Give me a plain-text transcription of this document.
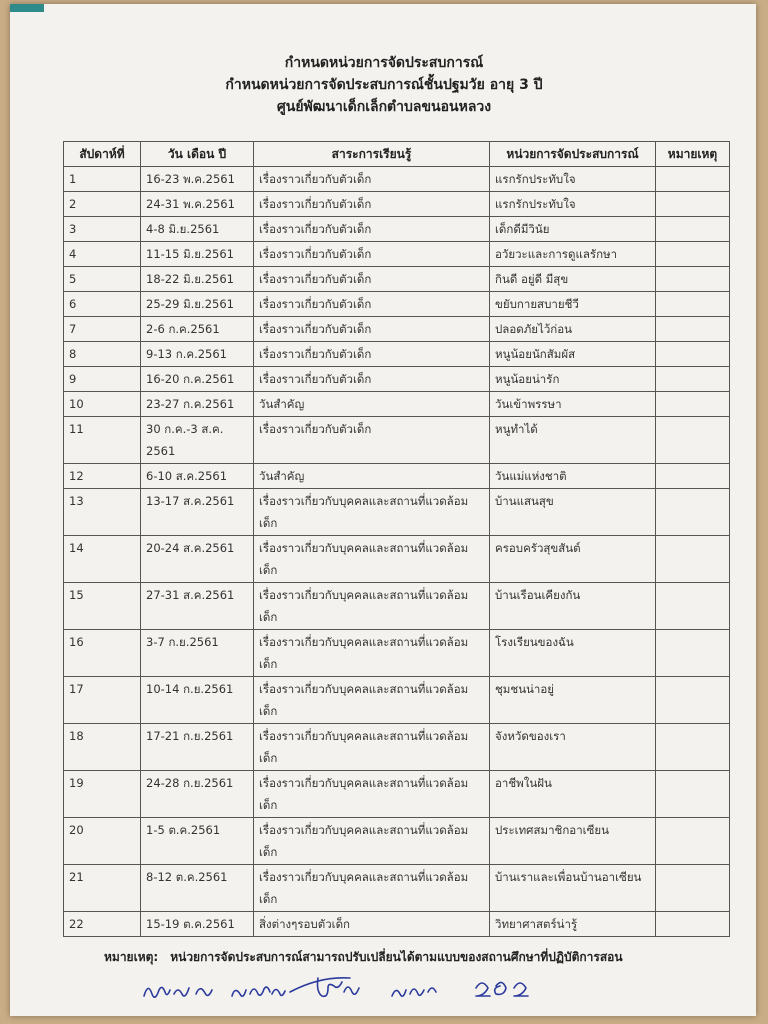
กำหนดหน่วยการจัดประสบการณ์
กำหนดหน่วยการจัดประสบการณ์ชั้นปฐมวัย อายุ 3 ปี
ศูนย์พัฒนาเด็กเล็กตำบลขนอนหลวง
สัปดาห์ที่	วัน เดือน ปี	สาระการเรียนรู้	หน่วยการจัดประสบการณ์	หมายเหตุ
1	16-23 พ.ค.2561	เรื่องราวเกี่ยวกับตัวเด็ก	แรกรักประทับใจ	
2	24-31 พ.ค.2561	เรื่องราวเกี่ยวกับตัวเด็ก	แรกรักประทับใจ	
3	4-8 มิ.ย.2561	เรื่องราวเกี่ยวกับตัวเด็ก	เด็กดีมีวินัย	
4	11-15 มิ.ย.2561	เรื่องราวเกี่ยวกับตัวเด็ก	อวัยวะและการดูแลรักษา	
5	18-22 มิ.ย.2561	เรื่องราวเกี่ยวกับตัวเด็ก	กินดี อยู่ดี มีสุข	
6	25-29 มิ.ย.2561	เรื่องราวเกี่ยวกับตัวเด็ก	ขยับกายสบายชีวี	
7	2-6 ก.ค.2561	เรื่องราวเกี่ยวกับตัวเด็ก	ปลอดภัยไว้ก่อน	
8	9-13 ก.ค.2561	เรื่องราวเกี่ยวกับตัวเด็ก	หนูน้อยนักสัมผัส	
9	16-20 ก.ค.2561	เรื่องราวเกี่ยวกับตัวเด็ก	หนูน้อยน่ารัก	
10	23-27 ก.ค.2561	วันสำคัญ	วันเข้าพรรษา	
11	30 ก.ค.-3 ส.ค. 2561	เรื่องราวเกี่ยวกับตัวเด็ก	หนูทำได้	
12	6-10 ส.ค.2561	วันสำคัญ	วันแม่แห่งชาติ	
13	13-17 ส.ค.2561	เรื่องราวเกี่ยวกับบุคคลและสถานที่แวดล้อมเด็ก	บ้านแสนสุข	
14	20-24 ส.ค.2561	เรื่องราวเกี่ยวกับบุคคลและสถานที่แวดล้อมเด็ก	ครอบครัวสุขสันต์	
15	27-31 ส.ค.2561	เรื่องราวเกี่ยวกับบุคคลและสถานที่แวดล้อมเด็ก	บ้านเรือนเคียงกัน	
16	3-7 ก.ย.2561	เรื่องราวเกี่ยวกับบุคคลและสถานที่แวดล้อมเด็ก	โรงเรียนของฉัน	
17	10-14 ก.ย.2561	เรื่องราวเกี่ยวกับบุคคลและสถานที่แวดล้อมเด็ก	ชุมชนน่าอยู่	
18	17-21 ก.ย.2561	เรื่องราวเกี่ยวกับบุคคลและสถานที่แวดล้อมเด็ก	จังหวัดของเรา	
19	24-28 ก.ย.2561	เรื่องราวเกี่ยวกับบุคคลและสถานที่แวดล้อมเด็ก	อาชีพในฝัน	
20	1-5 ต.ค.2561	เรื่องราวเกี่ยวกับบุคคลและสถานที่แวดล้อมเด็ก	ประเทศสมาชิกอาเซียน	
21	8-12 ต.ค.2561	เรื่องราวเกี่ยวกับบุคคลและสถานที่แวดล้อมเด็ก	บ้านเราและเพื่อนบ้านอาเซียน	
22	15-19 ต.ค.2561	สิ่งต่างๆรอบตัวเด็ก	วิทยาศาสตร์น่ารู้	
หมายเหตุ: หน่วยการจัดประสบการณ์สามารถปรับเปลี่ยนได้ตามแบบของสถานศึกษาที่ปฏิบัติการสอน
